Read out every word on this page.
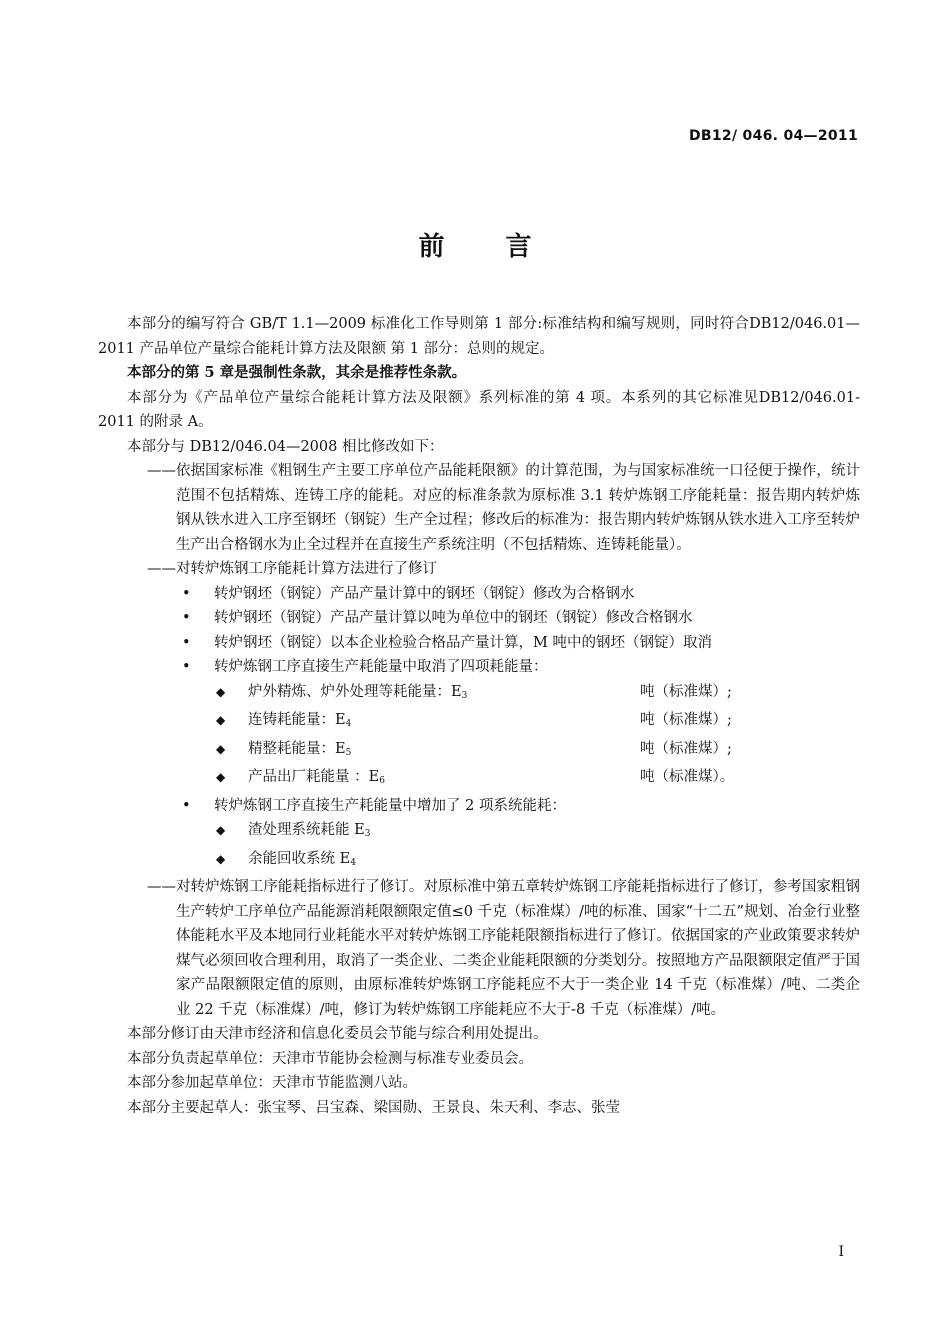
DB12/ 046. 04—2011
前 言

本部分的编写符合 GB/T 1.1—2009 标准化工作导则第 1 部分:标准结构和编写规则，同时符合DB12/046.01—2011 产品单位产量综合能耗计算方法及限额 第 1 部分：总则的规定。

本部分的第 5 章是强制性条款，其余是推荐性条款。

本部分为《产品单位产量综合能耗计算方法及限额》系列标准的第 4 项。本系列的其它标准见DB12/046.01-2011 的附录 A。

本部分与 DB12/046.04—2008 相比修改如下：

——依据国家标准《粗钢生产主要工序单位产品能耗限额》的计算范围，为与国家标准统一口径便于操作，统计范围不包括精炼、连铸工序的能耗。对应的标准条款为原标准 3.1 转炉炼钢工序能耗量：报告期内转炉炼钢从铁水进入工序至钢坯（钢锭）生产全过程；修改后的标准为：报告期内转炉炼钢从铁水进入工序至转炉生产出合格钢水为止全过程并在直接生产系统注明（不包括精炼、连铸耗能量）。

——对转炉炼钢工序能耗计算方法进行了修订

• 转炉钢坯（钢锭）产品产量计算中的钢坯（钢锭）修改为合格钢水

• 转炉钢坯（钢锭）产品产量计算以吨为单位中的钢坯（钢锭）修改合格钢水

• 转炉钢坯（钢锭）以本企业检验合格品产量计算，M 吨中的钢坯（钢锭）取消

• 转炉炼钢工序直接生产耗能量中取消了四项耗能量：

◆ 炉外精炼、炉外处理等耗能量：$E_3$	吨（标准煤）;

◆ 连铸耗能量：$E_4$	吨（标准煤）;

◆ 精整耗能量：$E_5$	吨（标准煤）;

◆ 产品出厂耗能量 ：$E_6$	吨（标准煤）。

• 转炉炼钢工序直接生产耗能量中增加了 2 项系统能耗：

◆ 渣处理系统耗能 $E_3$

◆ 余能回收系统 $E_4$

——对转炉炼钢工序能耗指标进行了修订。对原标准中第五章转炉炼钢工序能耗指标进行了修订，参考国家粗钢生产转炉工序单位产品能源消耗限额限定值≤0 千克（标准煤）/吨的标准、国家“十二五”规划、冶金行业整体能耗水平及本地同行业耗能水平对转炉炼钢工序能耗限额指标进行了修订。依据国家的产业政策要求转炉煤气必须回收合理利用，取消了一类企业、二类企业能耗限额的分类划分。按照地方产品限额限定值严于国家产品限额限定值的原则，由原标准转炉炼钢工序能耗应不大于一类企业 14 千克（标准煤）/吨、二类企业 22 千克（标准煤）/吨，修订为转炉炼钢工序能耗应不大于-8 千克（标准煤）/吨。

本部分修订由天津市经济和信息化委员会节能与综合利用处提出。

本部分负责起草单位：天津市节能协会检测与标准专业委员会。

本部分参加起草单位：天津市节能监测八站。

本部分主要起草人：张宝琴、吕宝森、梁国勋、王景良、朱天利、李志、张莹

I
